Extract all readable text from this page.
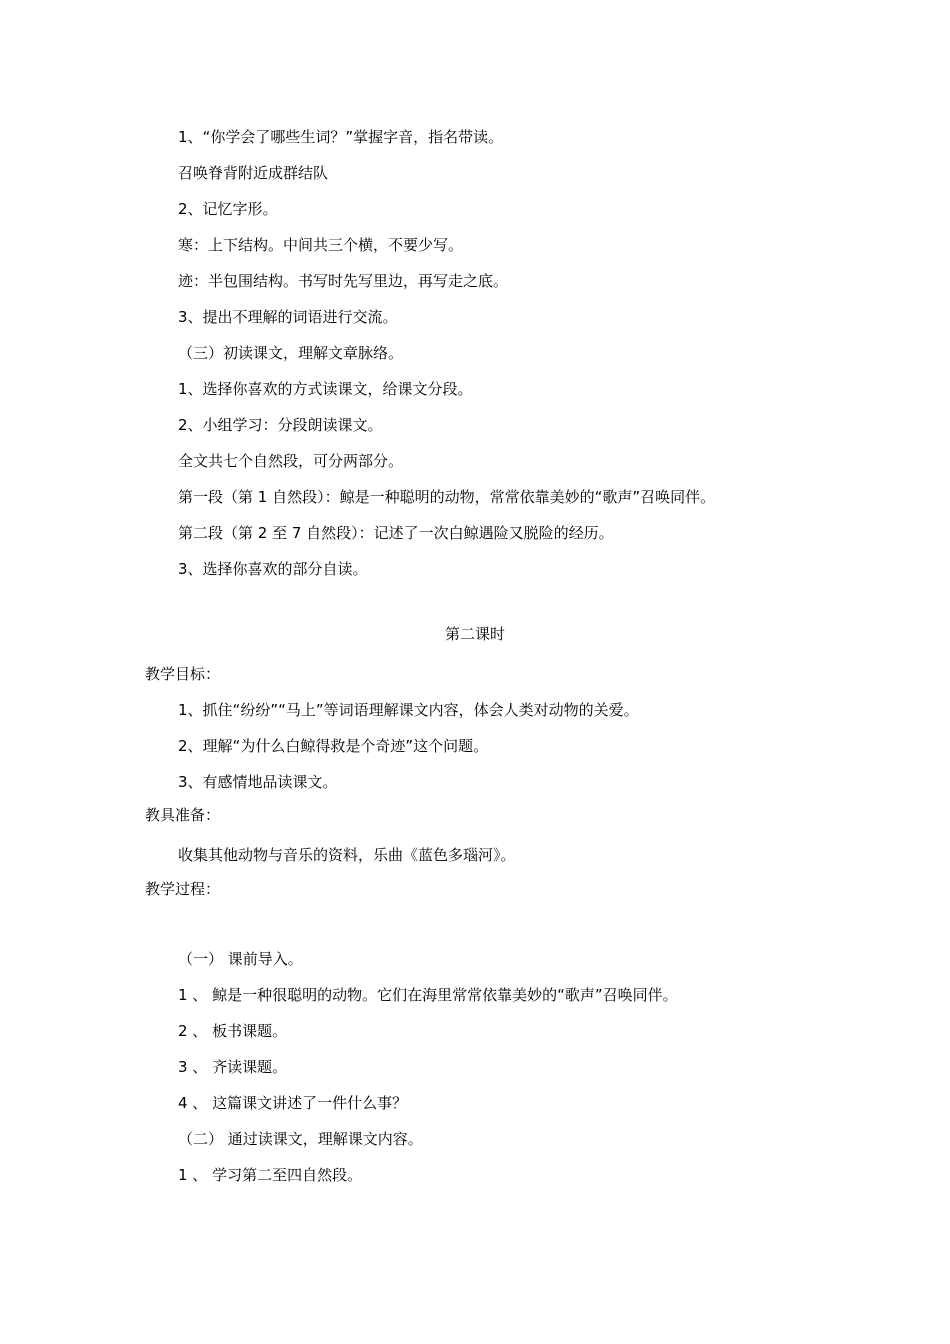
1、“你学会了哪些生词？”掌握字音，指名带读。
召唤脊背附近成群结队
2、记忆字形。
寒：上下结构。中间共三个横，不要少写。
迹：半包围结构。书写时先写里边，再写走之底。
3、提出不理解的词语进行交流。
（三）初读课文，理解文章脉络。
1、选择你喜欢的方式读课文，给课文分段。
2、小组学习：分段朗读课文。
全文共七个自然段，可分两部分。
第一段（第 1 自然段）：鲸是一种聪明的动物，常常依靠美妙的“歌声”召唤同伴。
第二段（第 2 至 7 自然段）：记述了一次白鲸遇险又脱险的经历。
3、选择你喜欢的部分自读。
第二课时
教学目标：
1、抓住“纷纷”“马上”等词语理解课文内容，体会人类对动物的关爱。
2、理解“为什么白鲸得救是个奇迹”这个问题。
3、有感情地品读课文。
教具准备：
收集其他动物与音乐的资料，乐曲《蓝色多瑙河》。
教学过程：
（一） 课前导入。
1 、 鲸是一种很聪明的动物。它们在海里常常依靠美妙的“歌声”召唤同伴。
2 、 板书课题。
3 、 齐读课题。
4 、 这篇课文讲述了一件什么事？
（二） 通过读课文，理解课文内容。
1 、 学习第二至四自然段。
